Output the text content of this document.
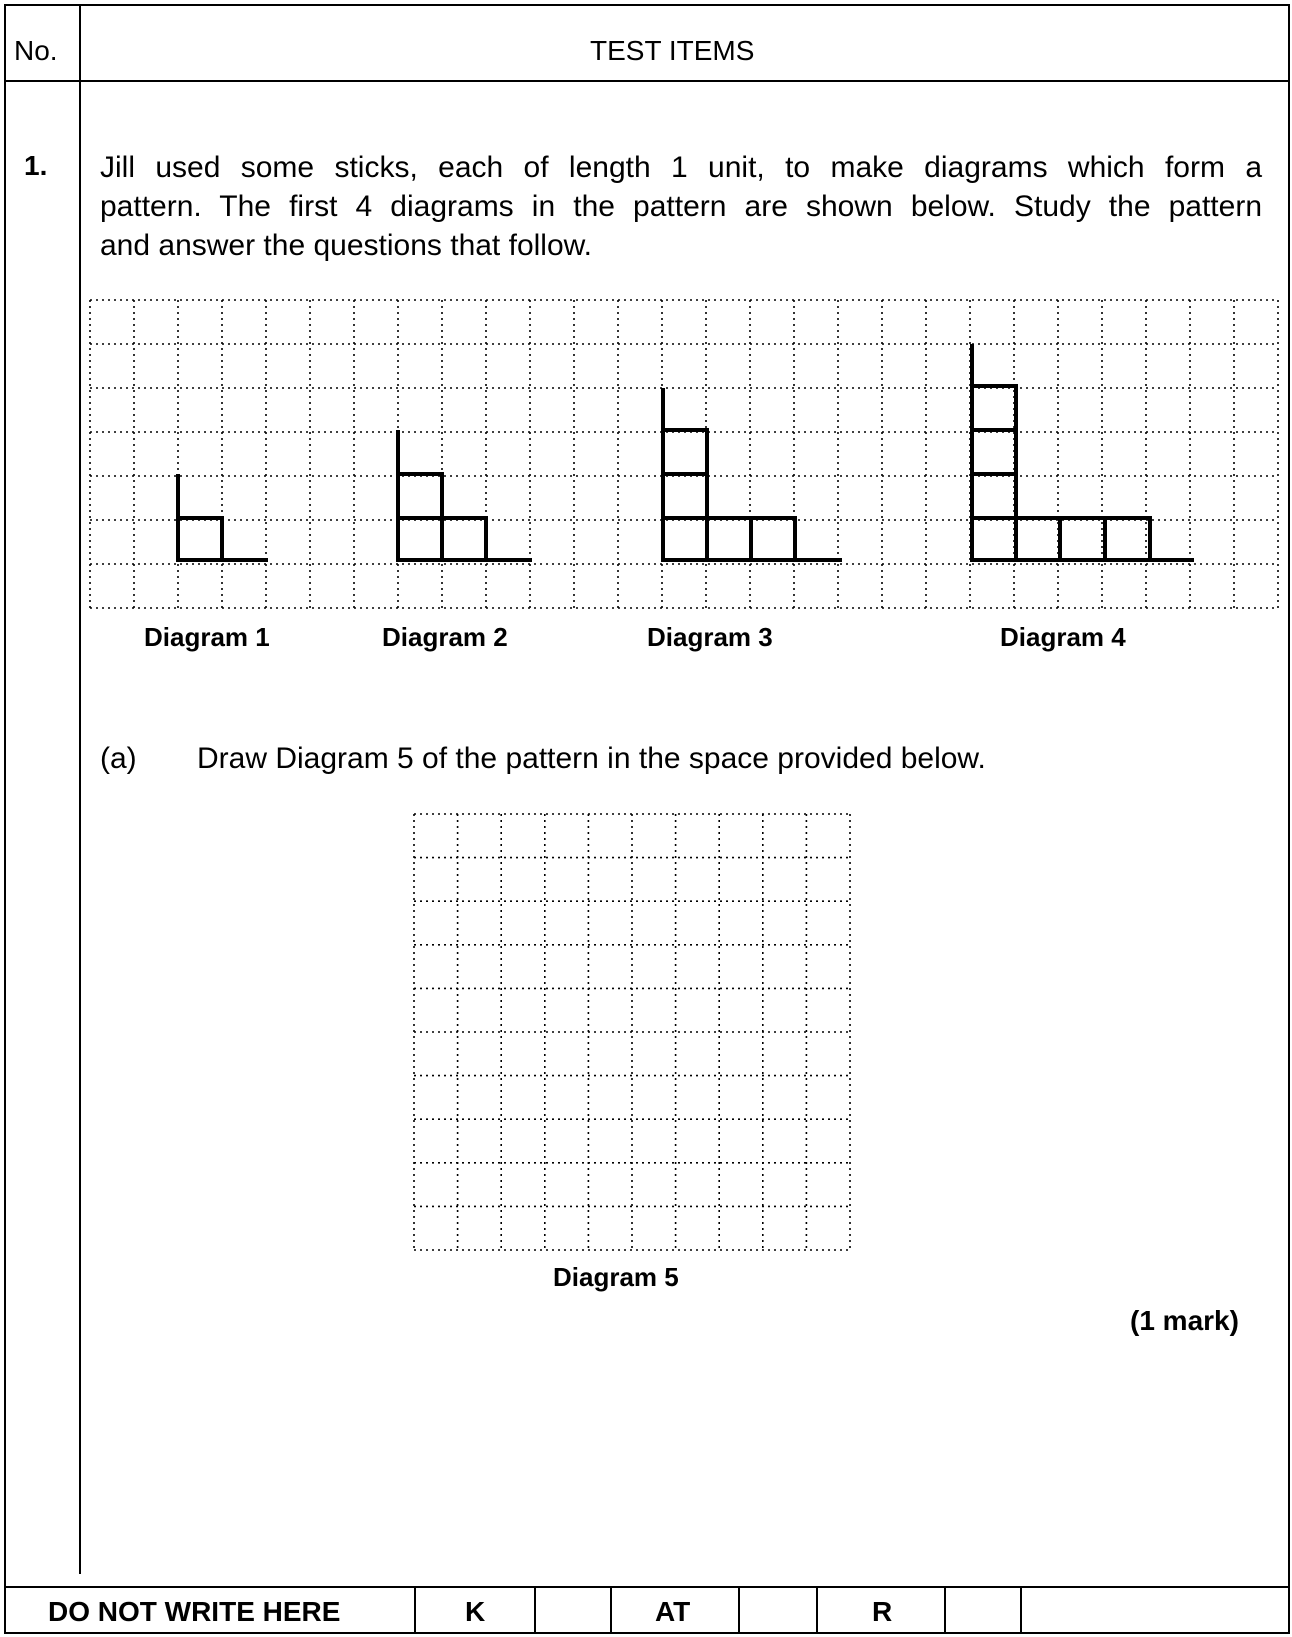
No.	TEST ITEMS
1. Jill used some sticks, each of length 1 unit, to make diagrams which form a
pattern. The first 4 diagrams in the pattern are shown below. Study the pattern
and answer the questions that follow.
Diagram 1	Diagram 2	Diagram 3	Diagram 4
(a) Draw Diagram 5 of the pattern in the space provided below.
Diagram 5
(1 mark)
DO NOT WRITE HERE	K	AT	R
